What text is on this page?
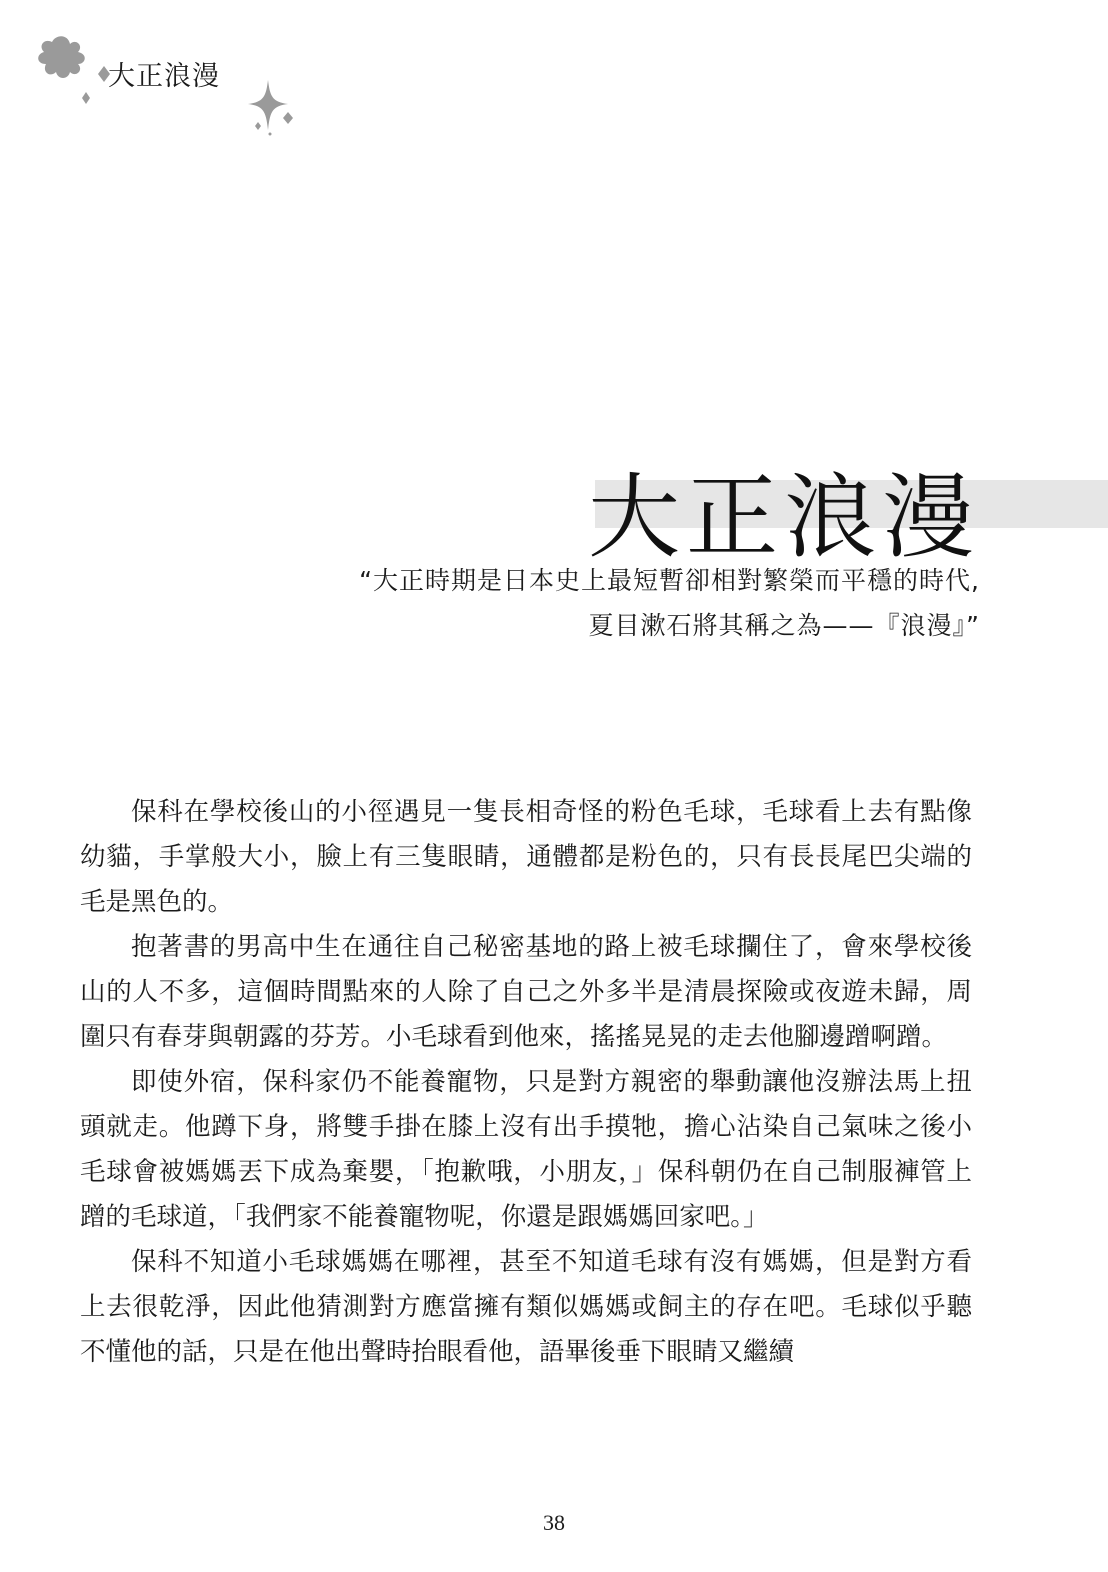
大正浪漫
大正浪漫
“大正時期是日本史上最短暫卻相對繁榮而平穩的時代,
夏目漱石將其稱之為——『浪漫』”

保科在學校後山的小徑遇見一隻長相奇怪的粉色毛球，毛球看上去有點像幼貓，手掌般大小，臉上有三隻眼睛，通體都是粉色的，只有長長尾巴尖端的毛是黑色的。

抱著書的男高中生在通往自己秘密基地的路上被毛球攔住了，會來學校後山的人不多，這個時間點來的人除了自己之外多半是清晨探險或夜遊未歸，周圍只有春芽與朝露的芬芳。小毛球看到他來，搖搖晃晃的走去他腳邊蹭啊蹭。

即使外宿，保科家仍不能養寵物，只是對方親密的舉動讓他沒辦法馬上扭頭就走。他蹲下身，將雙手掛在膝上沒有出手摸牠，擔心沾染自己氣味之後小毛球會被媽媽丟下成為棄嬰，「抱歉哦，小朋友，」保科朝仍在自己制服褲管上蹭的毛球道，「我們家不能養寵物呢，你還是跟媽媽回家吧。」

保科不知道小毛球媽媽在哪裡，甚至不知道毛球有沒有媽媽，但是對方看上去很乾淨，因此他猜測對方應當擁有類似媽媽或飼主的存在吧。毛球似乎聽不懂他的話，只是在他出聲時抬眼看他，語畢後垂下眼睛又繼續

38
